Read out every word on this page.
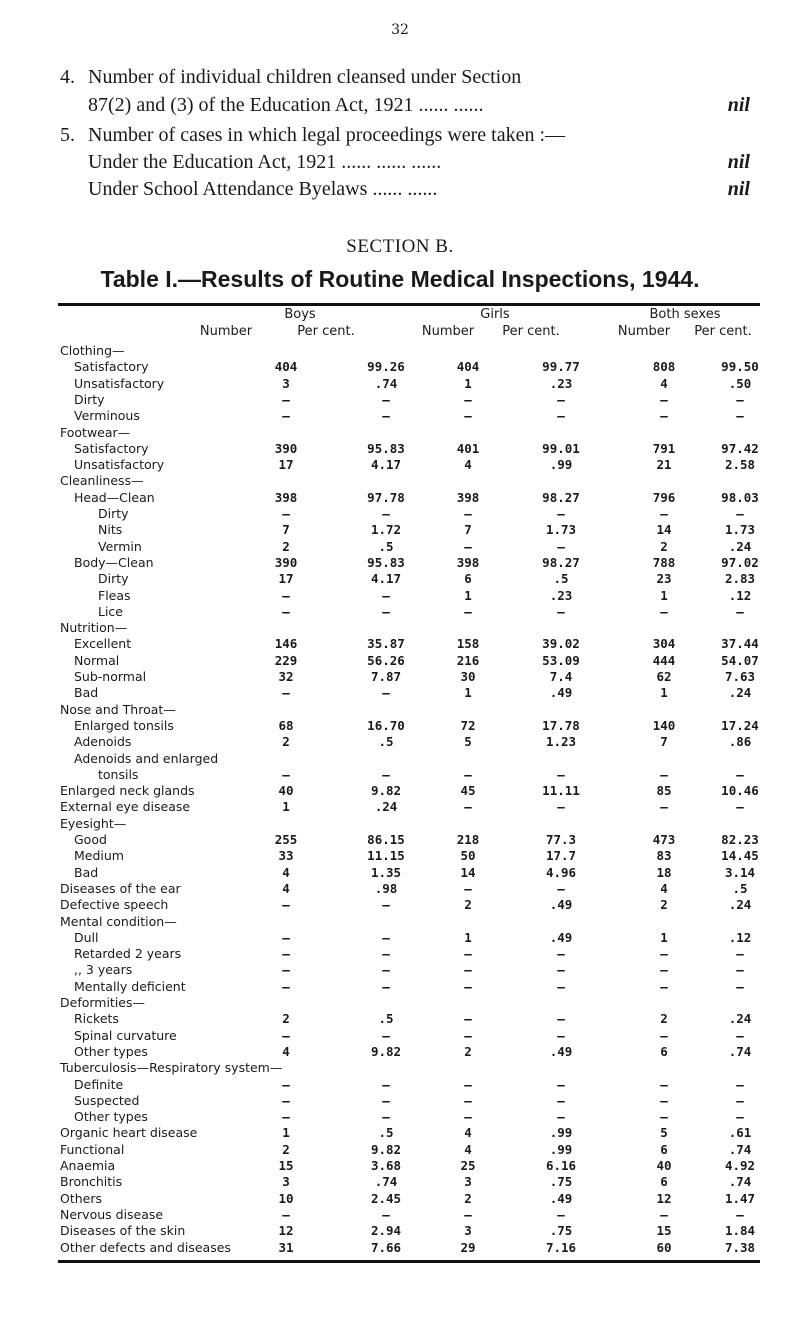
32
4. Number of individual children cleansed under Section
87(2) and (3) of the Education Act, 1921 ...... ......	nil
5. Number of cases in which legal proceedings were taken :—
Under the Education Act, 1921 ...... ...... ......	nil
Under School Attendance Byelaws ...... ......	nil
SECTION B.
Table I.—Results of Routine Medical Inspections, 1944.
Boys	Girls	Both sexes
Number	Per cent.	Number	Per cent.	Number	Per cent.
Clothing—
Satisfactory	404	99.26	404	99.77	808	99.50
Unsatisfactory	3	.74	1	.23	4	.50
Dirty	—	—	—	—	—	—
Verminous	—	—	—	—	—	—
Footwear—
Satisfactory	390	95.83	401	99.01	791	97.42
Unsatisfactory	17	4.17	4	.99	21	2.58
Cleanliness—
Head—Clean	398	97.78	398	98.27	796	98.03
Dirty	—	—	—	—	—	—
Nits	7	1.72	7	1.73	14	1.73
Vermin	2	.5	—	—	2	.24
Body—Clean	390	95.83	398	98.27	788	97.02
Dirty	17	4.17	6	.5	23	2.83
Fleas	—	—	1	.23	1	.12
Lice	—	—	—	—	—	—
Nutrition—
Excellent	146	35.87	158	39.02	304	37.44
Normal	229	56.26	216	53.09	444	54.07
Sub-normal	32	7.87	30	7.4	62	7.63
Bad	—	—	1	.49	1	.24
Nose and Throat—
Enlarged tonsils	68	16.70	72	17.78	140	17.24
Adenoids	2	.5	5	1.23	7	.86
Adenoids and enlarged
tonsils	—	—	—	—	—	—
Enlarged neck glands	40	9.82	45	11.11	85	10.46
External eye disease	1	.24	—	—	—	—
Eyesight—
Good	255	86.15	218	77.3	473	82.23
Medium	33	11.15	50	17.7	83	14.45
Bad	4	1.35	14	4.96	18	3.14
Diseases of the ear	4	.98	—	—	4	.5
Defective speech	—	—	2	.49	2	.24
Mental condition—
Dull	—	—	1	.49	1	.12
Retarded 2 years	—	—	—	—	—	—
,, 3 years	—	—	—	—	—	—
Mentally deficient	—	—	—	—	—	—
Deformities—
Rickets	2	.5	—	—	2	.24
Spinal curvature	—	—	—	—	—	—
Other types	4	9.82	2	.49	6	.74
Tuberculosis—Respiratory system—
Definite	—	—	—	—	—	—
Suspected	—	—	—	—	—	—
Other types	—	—	—	—	—	—
Organic heart disease	1	.5	4	.99	5	.61
Functional	2	9.82	4	.99	6	.74
Anaemia	15	3.68	25	6.16	40	4.92
Bronchitis	3	.74	3	.75	6	.74
Others	10	2.45	2	.49	12	1.47
Nervous disease	—	—	—	—	—	—
Diseases of the skin	12	2.94	3	.75	15	1.84
Other defects and diseases	31	7.66	29	7.16	60	7.38
